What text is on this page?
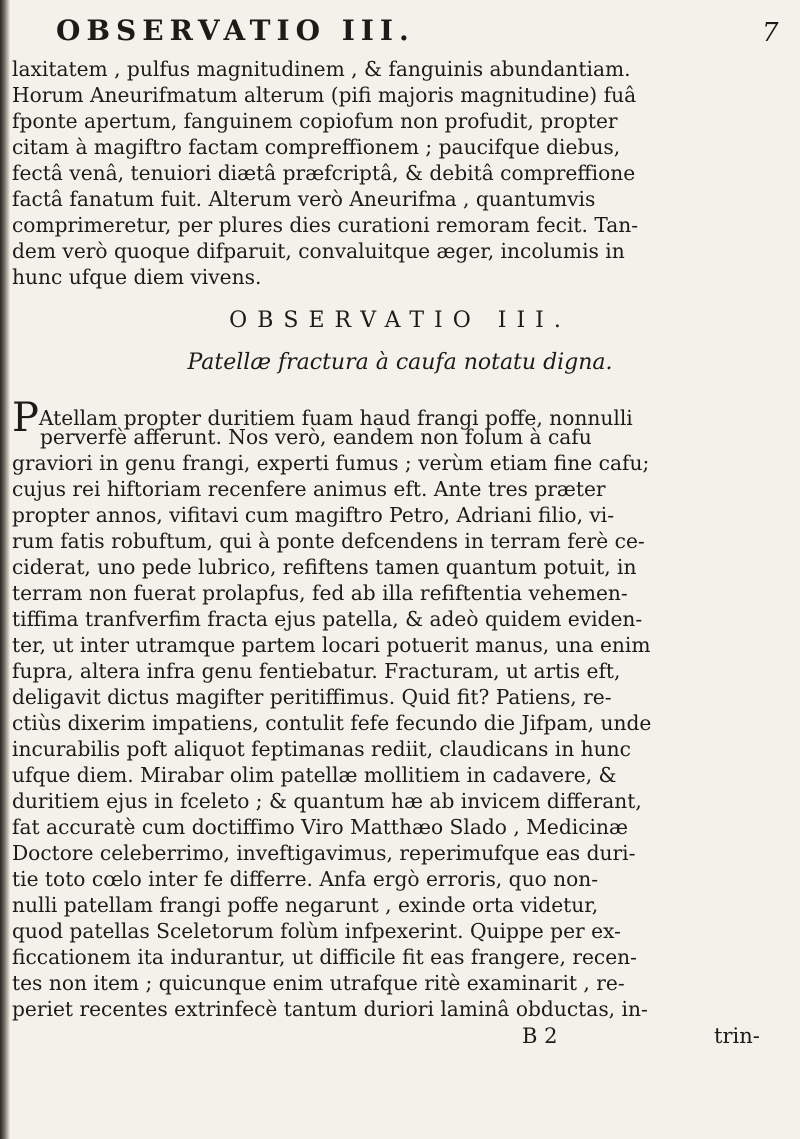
OBSERVATIO III.	7
laxitatem , pulfus magnitudinem , & fanguinis abundantiam.
Horum Aneurifmatum alterum (pifi majoris magnitudine) fuâ
fponte apertum, fanguinem copiofum non profudit, propter
citam à magiftro factam compreffionem ; paucifque diebus,
fectâ venâ, tenuiori diætâ præfcriptâ, & debitâ compreffione
factâ fanatum fuit. Alterum verò Aneurifma , quantumvis
comprimeretur, per plures dies curationi remoram fecit. Tan-
dem verò quoque difparuit, convaluitque æger, incolumis in
hunc ufque diem vivens.
OBSERVATIO III.
Patellæ fractura à caufa notatu digna.
PAtellam propter duritiem fuam haud frangi poffe, nonnulli
perverfè afferunt. Nos verò, eandem non folum à cafu
graviori in genu frangi, experti fumus ; verùm etiam fine cafu;
cujus rei hiftoriam recenfere animus eft. Ante tres præter
propter annos, vifitavi cum magiftro Petro, Adriani filio, vi-
rum fatis robuftum, qui à ponte defcendens in terram ferè ce-
ciderat, uno pede lubrico, refiftens tamen quantum potuit, in
terram non fuerat prolapfus, fed ab illa refiftentia vehemen-
tiffima tranfverfim fracta ejus patella, & adeò quidem eviden-
ter, ut inter utramque partem locari potuerit manus, una enim
fupra, altera infra genu fentiebatur. Fracturam, ut artis eft,
deligavit dictus magifter peritiffimus. Quid fit? Patiens, re-
ctiùs dixerim impatiens, contulit fefe fecundo die Jifpam, unde
incurabilis poft aliquot feptimanas rediit, claudicans in hunc
ufque diem. Mirabar olim patellæ mollitiem in cadavere, &
duritiem ejus in fceleto ; & quantum hæ ab invicem differant,
fat accuratè cum doctiffimo Viro Matthæo Slado , Medicinæ
Doctore celeberrimo, inveftigavimus, reperimufque eas duri-
tie toto cœlo inter fe differre. Anfa ergò erroris, quo non-
nulli patellam frangi poffe negarunt , exinde orta videtur,
quod patellas Sceletorum folùm infpexerint. Quippe per ex-
ficcationem ita indurantur, ut difficile fit eas frangere, recen-
tes non item ; quicunque enim utrafque ritè examinarit , re-
periet recentes extrinfecè tantum duriori laminâ obductas, in-
B 2	trin-
